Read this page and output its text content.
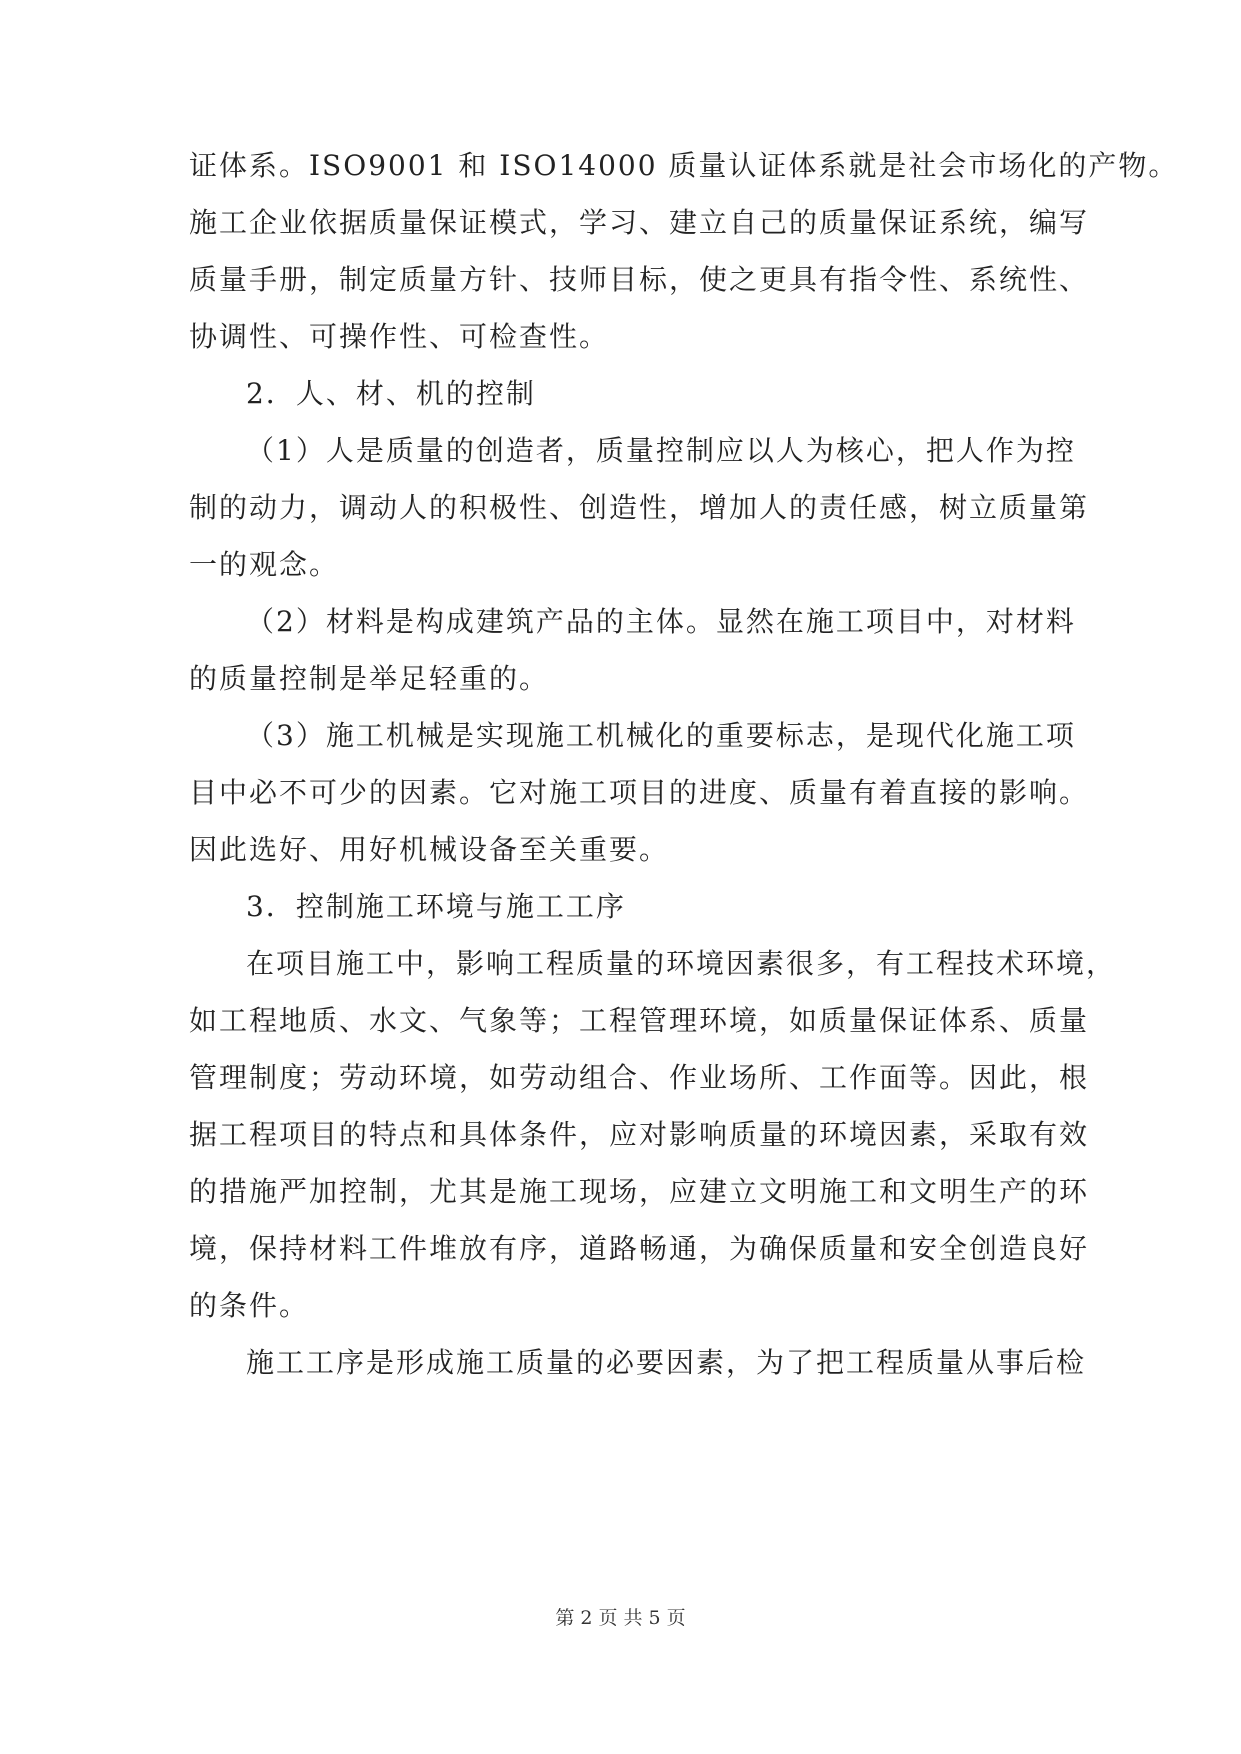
证体系。ISO9001 和 ISO14000 质量认证体系就是社会市场化的产物。
施工企业依据质量保证模式，学习、建立自己的质量保证系统，编写
质量手册，制定质量方针、技师目标，使之更具有指令性、系统性、
协调性、可操作性、可检查性。
2．人、材、机的控制
（1）人是质量的创造者，质量控制应以人为核心，把人作为控
制的动力，调动人的积极性、创造性，增加人的责任感，树立质量第
一的观念。
（2）材料是构成建筑产品的主体。显然在施工项目中，对材料
的质量控制是举足轻重的。
（3）施工机械是实现施工机械化的重要标志，是现代化施工项
目中必不可少的因素。它对施工项目的进度、质量有着直接的影响。
因此选好、用好机械设备至关重要。
3．控制施工环境与施工工序
在项目施工中，影响工程质量的环境因素很多，有工程技术环境，
如工程地质、水文、气象等；工程管理环境，如质量保证体系、质量
管理制度；劳动环境，如劳动组合、作业场所、工作面等。因此，根
据工程项目的特点和具体条件，应对影响质量的环境因素，采取有效
的措施严加控制，尤其是施工现场，应建立文明施工和文明生产的环
境，保持材料工件堆放有序，道路畅通，为确保质量和安全创造良好
的条件。
施工工序是形成施工质量的必要因素，为了把工程质量从事后检
第 2 页 共 5 页
